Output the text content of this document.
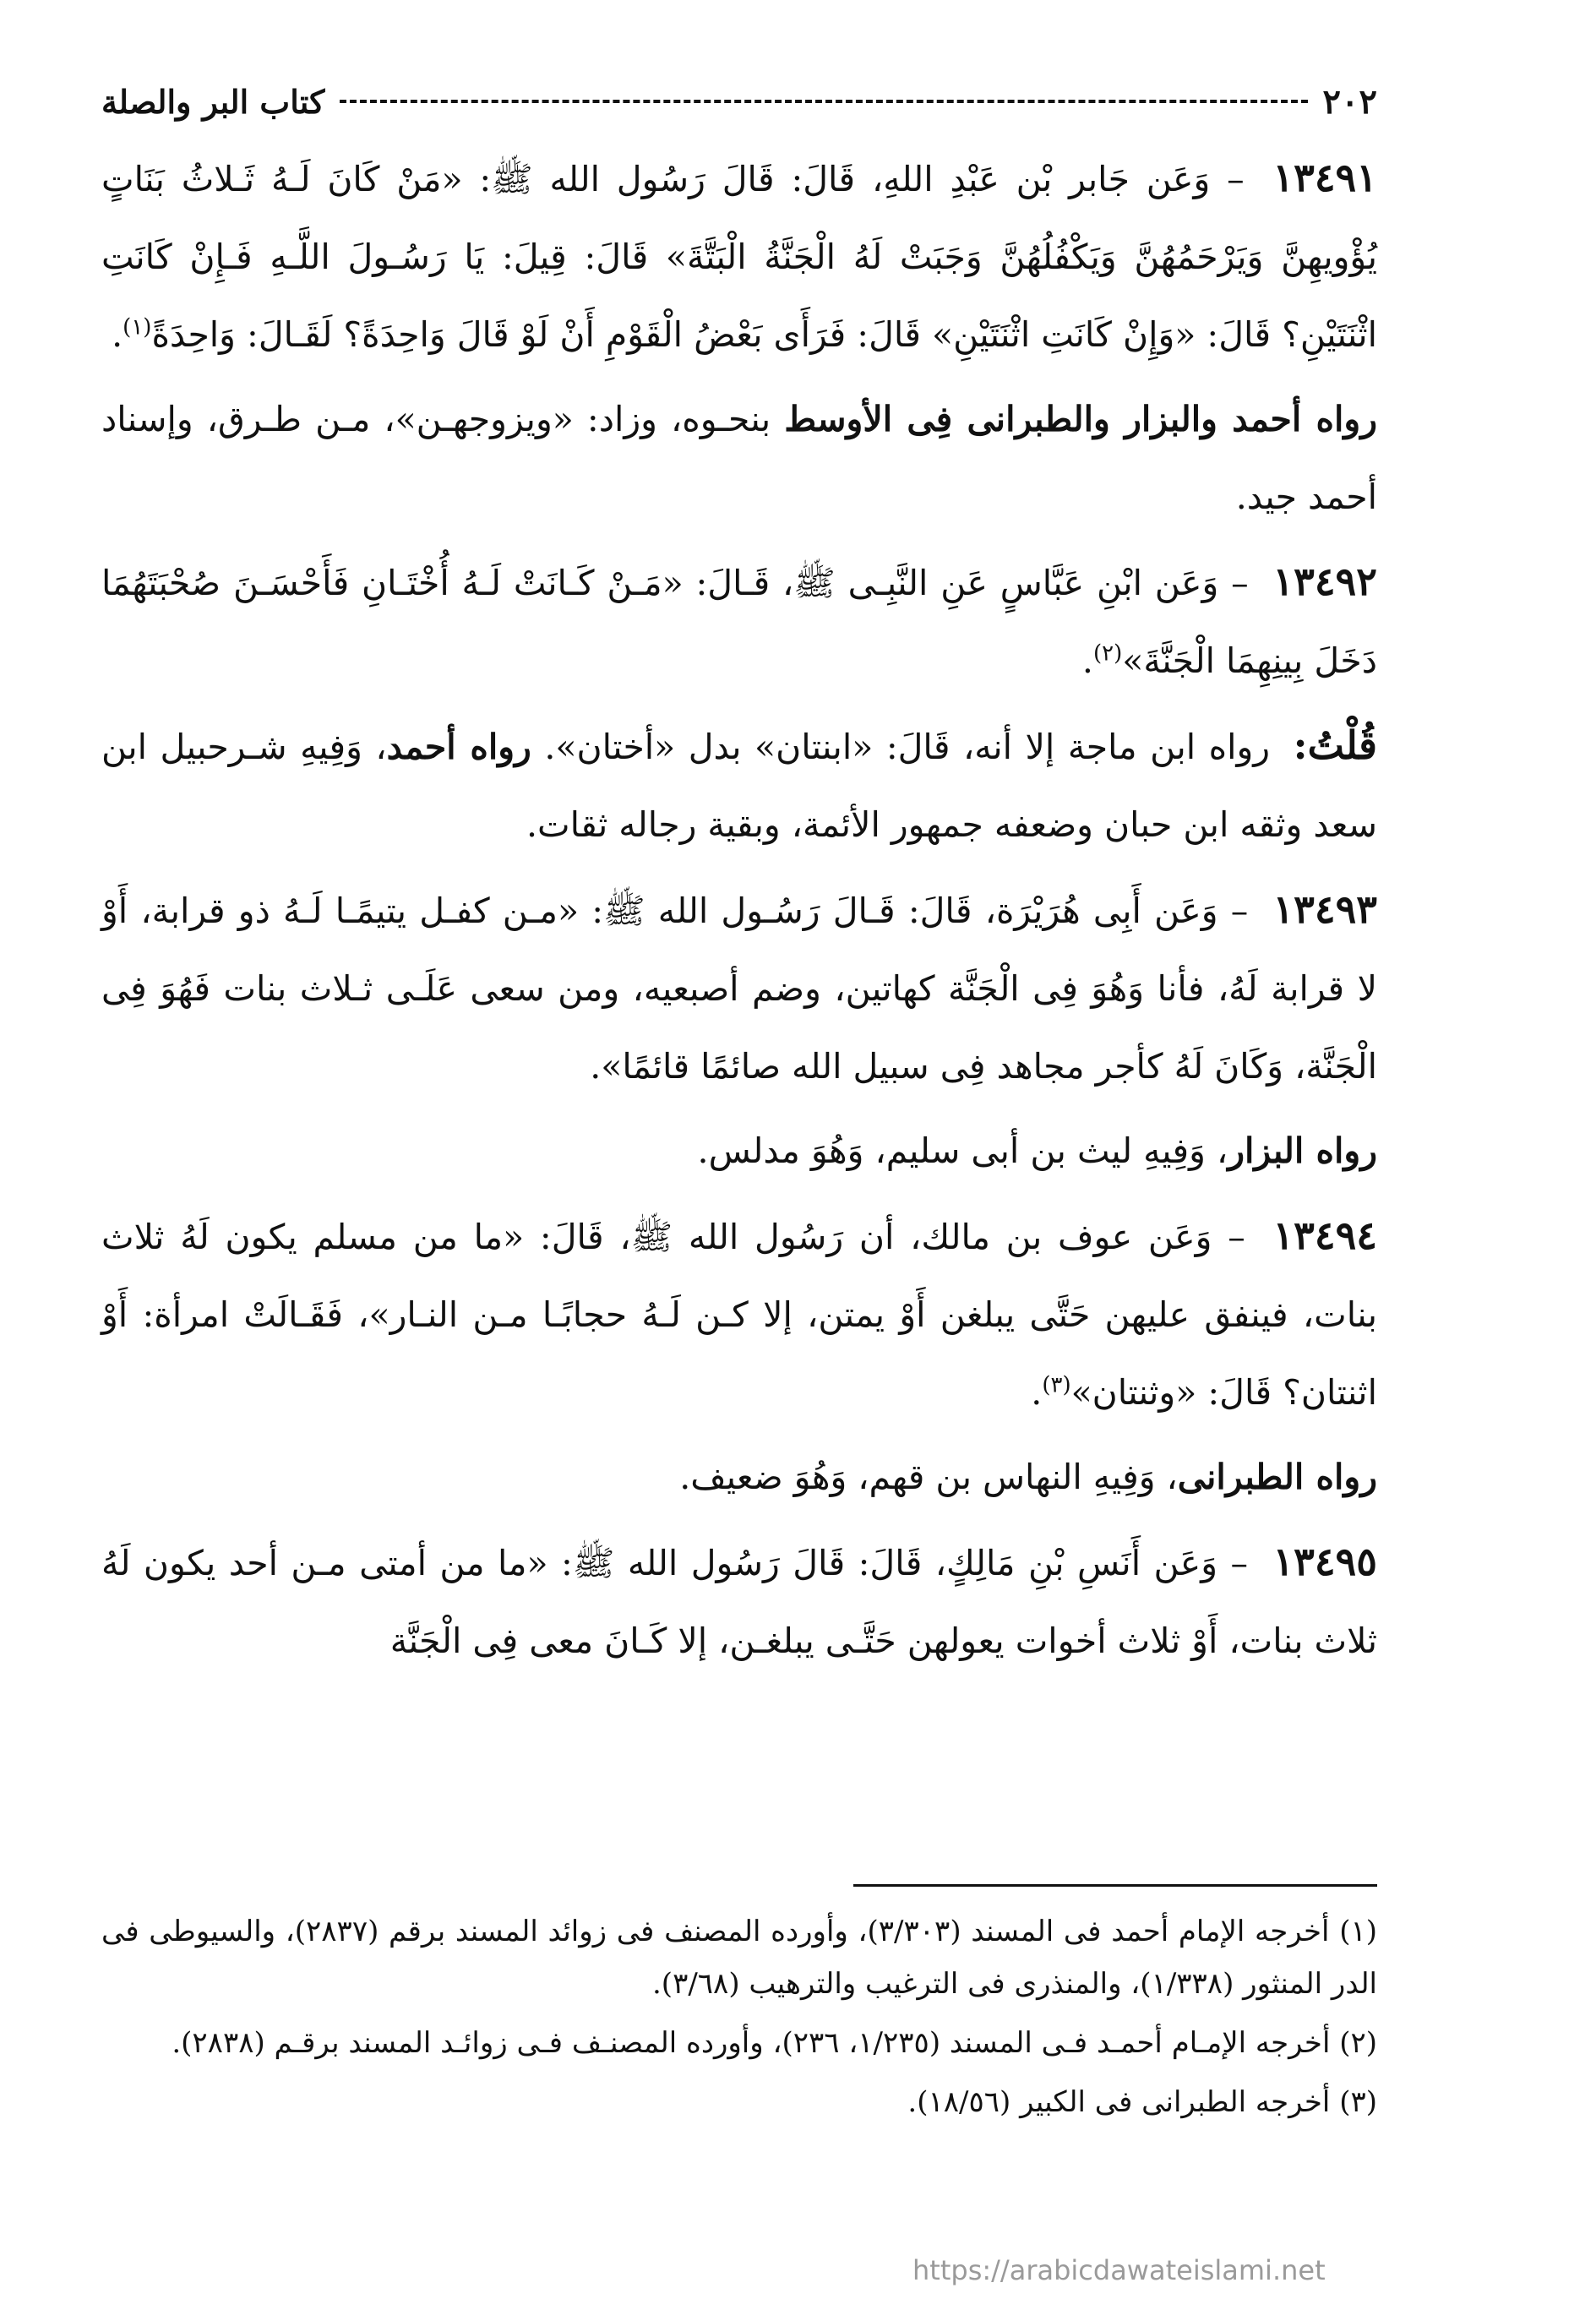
٢٠٢
كتاب البر والصلة

١٣٤٩١ – وَعَن جَابر بْن عَبْدِ اللهِ، قَالَ: قَالَ رَسُول الله ﷺ: «مَنْ كَانَ لَـهُ ثَـلاثُ بَنَاتٍ يُؤْويهِنَّ وَيَرْحَمُهُنَّ وَيَكْفُلُهُنَّ وَجَبَتْ لَهُ الْجَنَّةُ الْبَتَّةَ» قَالَ: قِيلَ: يَا رَسُـولَ اللَّـهِ فَـإِنْ كَانَتِ اثْنَتَيْنِ؟ قَالَ: «وَإِنْ كَانَتِ اثْنَتَيْنِ» قَالَ: فَرَأَى بَعْضُ الْقَوْمِ أَنْ لَوْ قَالَ وَاحِدَةً؟ لَقَـالَ: وَاحِدَةً$^{(١)}$.

رواه أحمد والبزار والطبرانى فِى الأوسط بنحـوه، وزاد: «ويزوجهـن»، مـن طـرق، وإسناد أحمد جيد.

١٣٤٩٢ – وَعَن ابْنِ عَبَّاسٍ عَنِ النَّبِـى ﷺ، قَـالَ: «مَـنْ كَـانَتْ لَـهُ أُخْتَـانِ فَأَحْسَـنَ صُحْبَتَهُمَا دَخَلَ بِينِهِمَا الْجَنَّةَ»$^{(٢)}$.

قُلْتُ: رواه ابن ماجة إلا أنه، قَالَ: «ابنتان» بدل «أختان». رواه أحمد، وَفِيهِ شـرحبيل ابن سعد وثقه ابن حبان وضعفه جمهور الأئمة، وبقية رجاله ثقات.

١٣٤٩٣ – وَعَن أَبِى هُرَيْرَة، قَالَ: قَـالَ رَسُـول الله ﷺ: «مـن كفـل يتيمًـا لَـهُ ذو قرابة، أَوْ لا قرابة لَهُ، فأنا وَهُوَ فِى الْجَنَّة كهاتين، وضم أصبعيه، ومن سعى عَلَـى ثـلاث بنات فَهُوَ فِى الْجَنَّة، وَكَانَ لَهُ كأجر مجاهد فِى سبيل الله صائمًا قائمًا».

رواه البزار، وَفِيهِ ليث بن أبى سليم، وَهُوَ مدلس.

١٣٤٩٤ – وَعَن عوف بن مالك، أن رَسُول الله ﷺ، قَالَ: «ما من مسلم يكون لَهُ ثلاث بنات، فينفق عليهن حَتَّى يبلغن أَوْ يمتن، إلا كـن لَـهُ حجابًـا مـن النـار»، فَقَـالَتْ امرأة: أَوْ اثنتان؟ قَالَ: «وثنتان»$^{(٣)}$.

رواه الطبرانى، وَفِيهِ النهاس بن قهم، وَهُوَ ضعيف.

١٣٤٩٥ – وَعَن أَنَسِ بْنِ مَالِكٍ، قَالَ: قَالَ رَسُول الله ﷺ: «ما من أمتى مـن أحد يكون لَهُ ثلاث بنات، أَوْ ثلاث أخوات يعولهن حَتَّـى يبلغـن، إلا كَـانَ معى فِى الْجَنَّة

(١) أخرجه الإمام أحمد فى المسند (٣/٣٠٣)، وأورده المصنف فى زوائد المسند برقم (٢٨٣٧)، والسيوطى فى الدر المنثور (١/٣٣٨)، والمنذرى فى الترغيب والترهيب (٣/٦٨).

(٢) أخرجه الإمـام أحمـد فـى المسند (١/٢٣٥، ٢٣٦)، وأورده المصنـف فـى زوائـد المسند برقـم (٢٨٣٨).

(٣) أخرجه الطبرانى فى الكبير (١٨/٥٦).

https://arabicdawateislami.net
